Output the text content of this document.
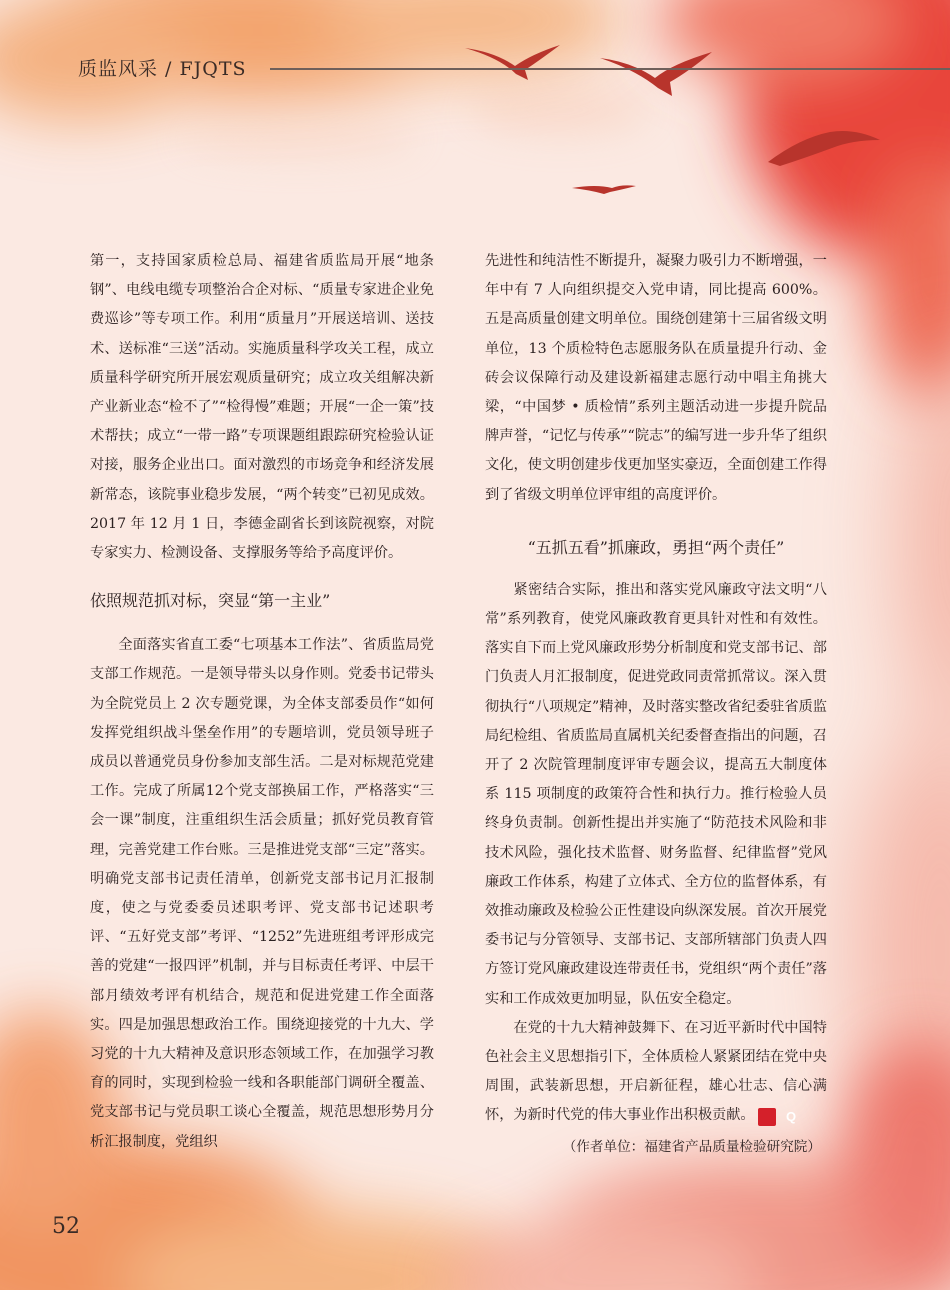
质监风采 / FJQTS

第一，支持国家质检总局、福建省质监局开展“地条钢”、电线电缆专项整治合企对标、“质量专家进企业免费巡诊”等专项工作。利用“质量月”开展送培训、送技术、送标准“三送”活动。实施质量科学攻关工程，成立质量科学研究所开展宏观质量研究；成立攻关组解决新产业新业态“检不了”“检得慢”难题；开展“一企一策”技术帮扶；成立“一带一路”专项课题组跟踪研究检验认证对接，服务企业出口。面对激烈的市场竞争和经济发展新常态，该院事业稳步发展，“两个转变”已初见成效。2017 年 12 月 1 日，李德金副省长到该院视察，对院专家实力、检测设备、支撑服务等给予高度评价。

依照规范抓对标，突显“第一主业”

全面落实省直工委“七项基本工作法”、省质监局党支部工作规范。一是领导带头以身作则。党委书记带头为全院党员上 2 次专题党课，为全体支部委员作“如何发挥党组织战斗堡垒作用”的专题培训，党员领导班子成员以普通党员身份参加支部生活。二是对标规范党建工作。完成了所属12个党支部换届工作，严格落实“三会一课”制度，注重组织生活会质量；抓好党员教育管理，完善党建工作台账。三是推进党支部“三定”落实。明确党支部书记责任清单，创新党支部书记月汇报制度，使之与党委委员述职考评、党支部书记述职考评、“五好党支部”考评、“1252”先进班组考评形成完善的党建“一报四评”机制，并与目标责任考评、中层干部月绩效考评有机结合，规范和促进党建工作全面落实。四是加强思想政治工作。围绕迎接党的十九大、学习党的十九大精神及意识形态领域工作，在加强学习教育的同时，实现到检验一线和各职能部门调研全覆盖、党支部书记与党员职工谈心全覆盖，规范思想形势月分析汇报制度，党组织

先进性和纯洁性不断提升，凝聚力吸引力不断增强，一年中有 7 人向组织提交入党申请，同比提高 600%。五是高质量创建文明单位。围绕创建第十三届省级文明单位，13 个质检特色志愿服务队在质量提升行动、金砖会议保障行动及建设新福建志愿行动中唱主角挑大梁，“中国梦 • 质检情”系列主题活动进一步提升院品牌声誉，“记忆与传承”“院志”的编写进一步升华了组织文化，使文明创建步伐更加坚实豪迈，全面创建工作得到了省级文明单位评审组的高度评价。

“五抓五看”抓廉政，勇担“两个责任”

紧密结合实际，推出和落实党风廉政守法文明“八常”系列教育，使党风廉政教育更具针对性和有效性。落实自下而上党风廉政形势分析制度和党支部书记、部门负责人月汇报制度，促进党政同责常抓常议。深入贯彻执行“八项规定”精神，及时落实整改省纪委驻省质监局纪检组、省质监局直属机关纪委督查指出的问题，召开了 2 次院管理制度评审专题会议，提高五大制度体系 115 项制度的政策符合性和执行力。推行检验人员终身负责制。创新性提出并实施了“防范技术风险和非技术风险，强化技术监督、财务监督、纪律监督”党风廉政工作体系，构建了立体式、全方位的监督体系，有效推动廉政及检验公正性建设向纵深发展。首次开展党委书记与分管领导、支部书记、支部所辖部门负责人四方签订党风廉政建设连带责任书，党组织“两个责任”落实和工作成效更加明显，队伍安全稳定。

在党的十九大精神鼓舞下、在习近平新时代中国特色社会主义思想指引下，全体质检人紧紧团结在党中央周围，武装新思想，开启新征程，雄心壮志、信心满怀，为新时代党的伟大事业作出积极贡献。 Q

（作者单位：福建省产品质量检验研究院）

52
